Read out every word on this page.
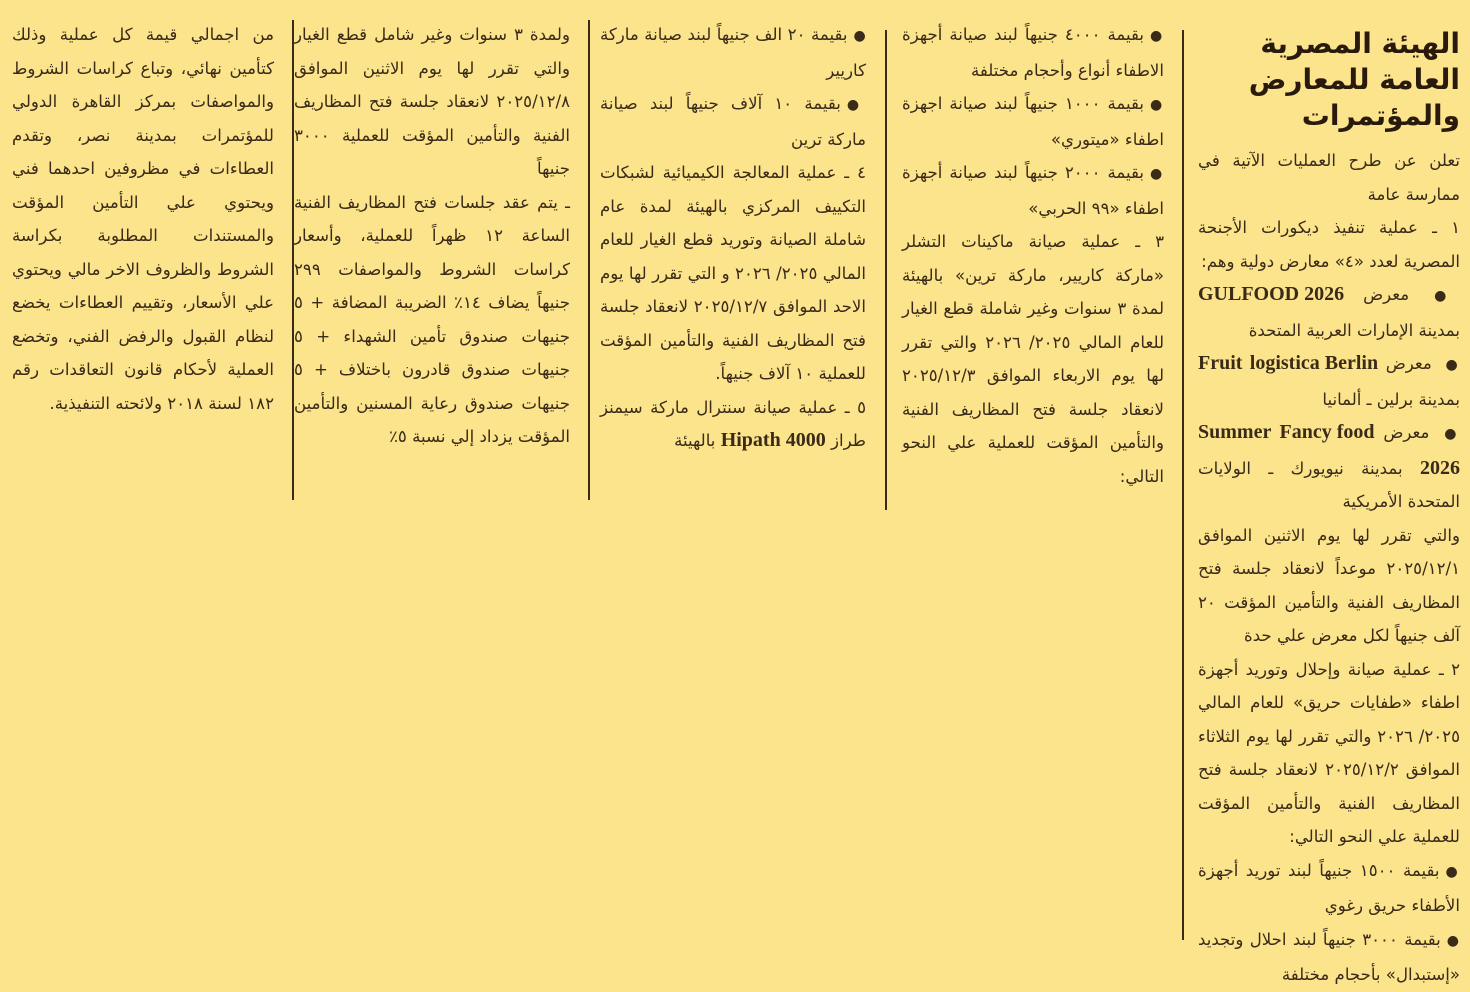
الهيئة المصرية العامة للمعارض والمؤتمرات

تعلن عن طرح العمليات الآتية في ممارسة عامة

١ ـ عملية تنفيذ ديكورات الأجنحة المصرية لعدد «٤» معارض دولية وهم:

● معرض GULFOOD 2026 بمدينة الإمارات العربية المتحدة

● معرض Fruit logistica Berlin بمدينة برلين ـ ألمانيا

● معرض Summer Fancy food 2026 بمدينة نيويورك ـ الولايات المتحدة الأمريكية

والتي تقرر لها يوم الاثنين الموافق ٢٠٢٥/١٢/١ موعداً لانعقاد جلسة فتح المظاريف الفنية والتأمين المؤقت ٢٠ آلف جنيهاً لكل معرض علي حدة

٢ ـ عملية صيانة وإحلال وتوريد أجهزة اطفاء «طفايات حريق» للعام المالي ٢٠٢٥/ ٢٠٢٦ والتي تقرر لها يوم الثلاثاء الموافق ٢٠٢٥/١٢/٢ لانعقاد جلسة فتح المظاريف الفنية والتأمين المؤقت للعملية علي النحو التالي:

● بقيمة ١٥٠٠ جنيهاً لبند توريد أجهزة الأطفاء حريق رغوي

● بقيمة ٣٠٠٠ جنيهاً لبند احلال وتجديد «إستبدال» بأحجام مختلفة

● بقيمة ٤٠٠٠ جنيهاً لبند صيانة أجهزة الاطفاء أنواع وأحجام مختلفة

● بقيمة ١٠٠٠ جنيهاً لبند صيانة اجهزة اطفاء «ميتوري»

● بقيمة ٢٠٠٠ جنيهاً لبند صيانة أجهزة اطفاء «٩٩ الحربي»

٣ ـ عملية صيانة ماكينات التشلر «ماركة كاريير، ماركة ترين» بالهيئة لمدة ٣ سنوات وغير شاملة قطع الغيار للعام المالي ٢٠٢٥/ ٢٠٢٦ والتي تقرر لها يوم الاربعاء الموافق ٢٠٢٥/١٢/٣ لانعقاد جلسة فتح المظاريف الفنية والتأمين المؤقت للعملية علي النحو التالي:

● بقيمة ٢٠ الف جنيهاً لبند صيانة ماركة كاريير

● بقيمة ١٠ آلاف جنيهاً لبند صيانة ماركة ترين

٤ ـ عملية المعالجة الكيميائية لشبكات التكييف المركزي بالهيئة لمدة عام شاملة الصيانة وتوريد قطع الغيار للعام المالي ٢٠٢٥/ ٢٠٢٦ و التي تقرر لها يوم الاحد الموافق ٢٠٢٥/١٢/٧ لانعقاد جلسة فتح المظاريف الفنية والتأمين المؤقت للعملية ١٠ آلاف جنيهاً.

٥ ـ عملية صيانة سنترال ماركة سيمنز طراز Hipath 4000 بالهيئة

ولمدة ٣ سنوات وغير شامل قطع الغيار والتي تقرر لها يوم الاثنين الموافق ٢٠٢٥/١٢/٨ لانعقاد جلسة فتح المظاريف الفنية والتأمين المؤقت للعملية ٣٠٠٠ جنيهاً

ـ يتم عقد جلسات فتح المظاريف الفنية الساعة ١٢ ظهراً للعملية، وأسعار كراسات الشروط والمواصفات ٢٩٩ جنيهاً يضاف ١٤٪ الضريبة المضافة + ٥ جنيهات صندوق تأمين الشهداء + ٥ جنيهات صندوق قادرون باختلاف + ٥ جنيهات صندوق رعاية المسنين والتأمين المؤقت يزداد إلي نسبة ٥٪

من اجمالي قيمة كل عملية وذلك كتأمين نهائي، وتباع كراسات الشروط والمواصفات بمركز القاهرة الدولي للمؤتمرات بمدينة نصر، وتقدم العطاءات في مظروفين احدهما فني ويحتوي علي التأمين المؤقت والمستندات المطلوبة بكراسة الشروط والظروف الاخر مالي ويحتوي علي الأسعار، وتقييم العطاءات يخضع لنظام القبول والرفض الفني، وتخضع العملية لأحكام قانون التعاقدات رقم ١٨٢ لسنة ٢٠١٨ ولائحته التنفيذية.
